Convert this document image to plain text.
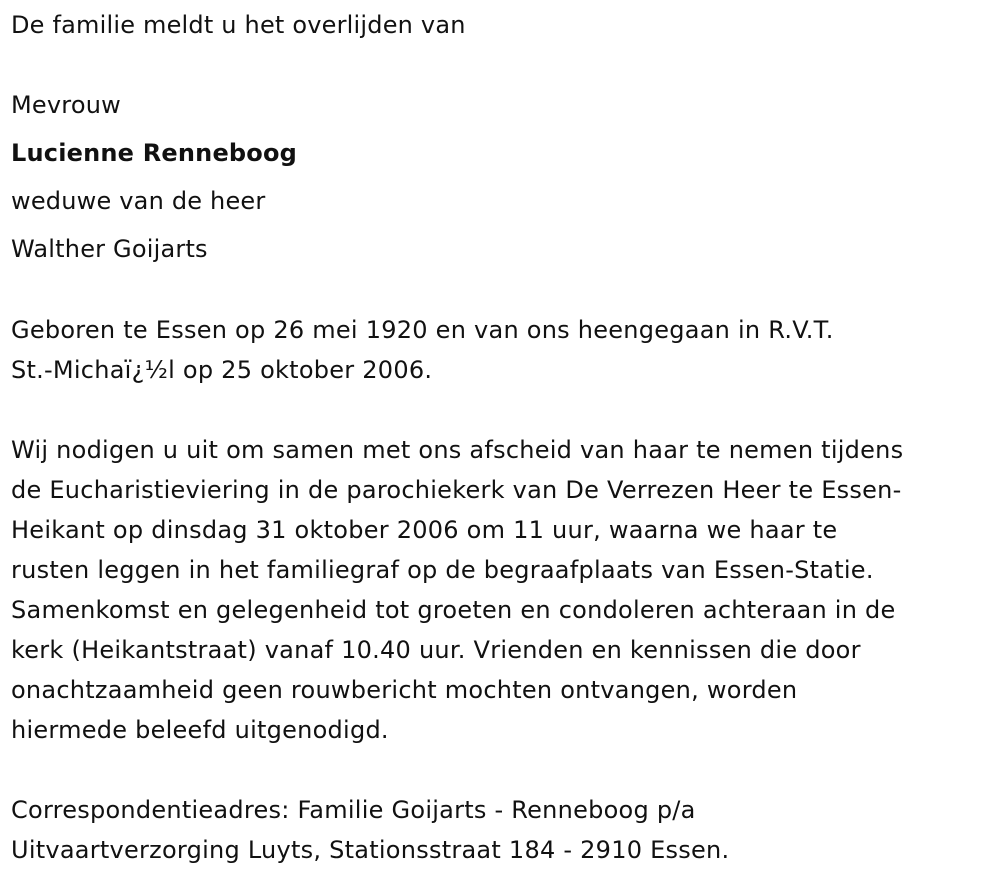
De familie meldt u het overlijden van
Mevrouw
Lucienne Renneboog
weduwe van de heer
Walther Goijarts
Geboren te Essen op 26 mei 1920 en van ons heengegaan in R.V.T.
St.-Michaï¿½l op 25 oktober 2006.
Wij nodigen u uit om samen met ons afscheid van haar te nemen tijdens
de Eucharistieviering in de parochiekerk van De Verrezen Heer te Essen-
Heikant op dinsdag 31 oktober 2006 om 11 uur, waarna we haar te
rusten leggen in het familiegraf op de begraafplaats van Essen-Statie.
Samenkomst en gelegenheid tot groeten en condoleren achteraan in de
kerk (Heikantstraat) vanaf 10.40 uur. Vrienden en kennissen die door
onachtzaamheid geen rouwbericht mochten ontvangen, worden
hiermede beleefd uitgenodigd.
Correspondentieadres: Familie Goijarts - Renneboog p/a
Uitvaartverzorging Luyts, Stationsstraat 184 - 2910 Essen.
